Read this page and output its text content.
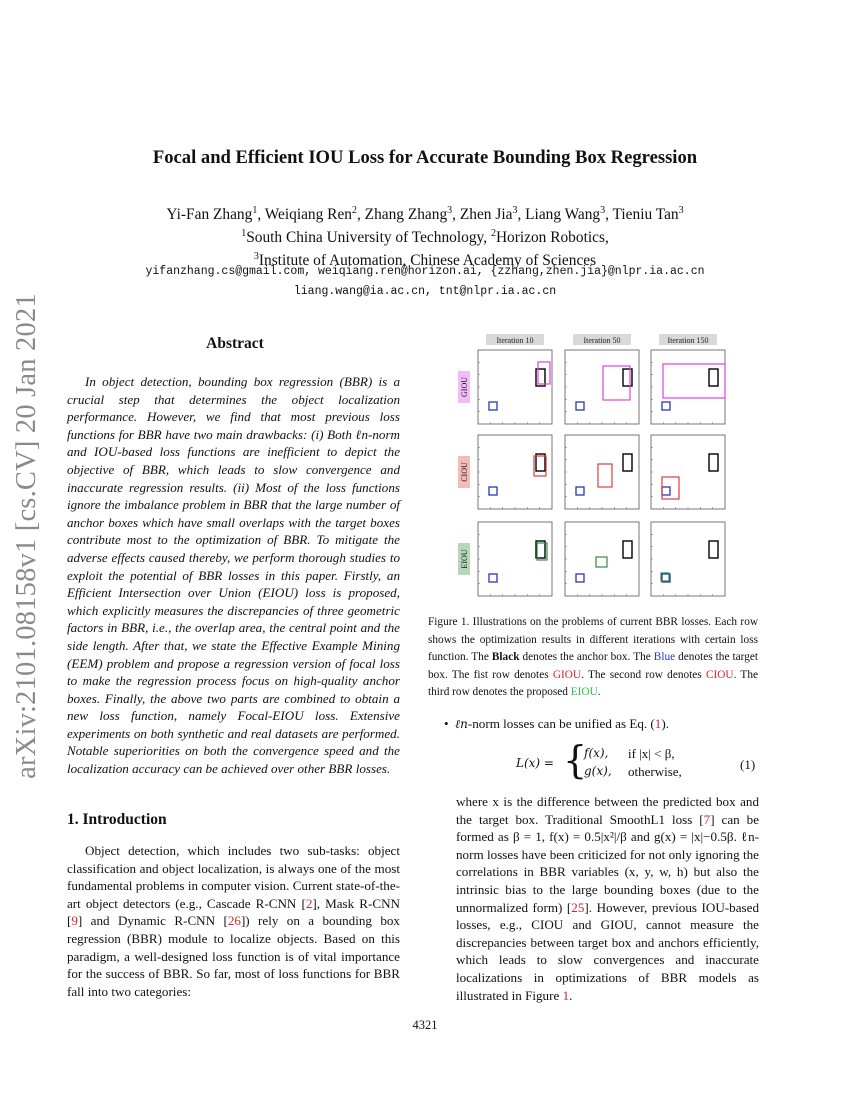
arXiv:2101.08158v1 [cs.CV] 20 Jan 2021
Focal and Efficient IOU Loss for Accurate Bounding Box Regression
Yi-Fan Zhang$^1$, Weiqiang Ren$^2$, Zhang Zhang$^3$, Zhen Jia$^3$, Liang Wang$^3$, Tieniu Tan$^3$
$^1$South China University of Technology, $^2$Horizon Robotics,
$^3$Institute of Automation, Chinese Academy of Sciences
yifanzhang.cs@gmail.com, weiqiang.ren@horizon.ai, {zzhang,zhen.jia}@nlpr.ia.ac.cn
liang.wang@ia.ac.cn, tnt@nlpr.ia.ac.cn
Abstract
In object detection, bounding box regression (BBR) is a crucial step that determines the object localization performance. However, we find that most previous loss functions for BBR have two main drawbacks: (i) Both ℓn-norm and IOU-based loss functions are inefficient to depict the objective of BBR, which leads to slow convergence and inaccurate regression results. (ii) Most of the loss functions ignore the imbalance problem in BBR that the large number of anchor boxes which have small overlaps with the target boxes contribute most to the optimization of BBR. To mitigate the adverse effects caused thereby, we perform thorough studies to exploit the potential of BBR losses in this paper. Firstly, an Efficient Intersection over Union (EIOU) loss is proposed, which explicitly measures the discrepancies of three geometric factors in BBR, i.e., the overlap area, the central point and the side length. After that, we state the Effective Example Mining (EEM) problem and propose a regression version of focal loss to make the regression process focus on high-quality anchor boxes. Finally, the above two parts are combined to obtain a new loss function, namely Focal-EIOU loss. Extensive experiments on both synthetic and real datasets are performed. Notable superiorities on both the convergence speed and the localization accuracy can be achieved over other BBR losses.
1. Introduction
Object detection, which includes two sub-tasks: object classification and object localization, is always one of the most fundamental problems in computer vision. Current state-of-the-art object detectors (e.g., Cascade R-CNN [2], Mask R-CNN [9] and Dynamic R-CNN [26]) rely on a bounding box regression (BBR) module to localize objects. Based on this paradigm, a well-designed loss function is of vital importance for the success of BBR. So far, most of loss functions for BBR fall into two categories:
Iteration 10	Iteration 50	Iteration 150
GIOU
CIOU
EIOU
Figure 1. Illustrations on the problems of current BBR losses. Each row shows the optimization results in different iterations with certain loss function. The Black denotes the anchor box. The Blue denotes the target box. The fist row denotes GIOU. The second row denotes CIOU. The third row denotes the proposed EIOU.
• ℓn-norm losses can be unified as Eq. (1).
L(x) = {
f(x), if |x| < β,
g(x), otherwise,	(1)
where x is the difference between the predicted box and the target box. Traditional SmoothL1 loss [7] can be formed as β = 1, f(x) = 0.5|x²|/β and g(x) = |x|−0.5β. ℓn-norm losses have been criticized for not only ignoring the correlations in BBR variables (x, y, w, h) but also the intrinsic bias to the large bounding boxes (due to the unnormalized form) [25]. However, previous IOU-based losses, e.g., CIOU and GIOU, cannot measure the discrepancies between target box and anchors efficiently, which leads to slow convergences and inaccurate localizations in optimizations of BBR models as illustrated in Figure 1.
4321
